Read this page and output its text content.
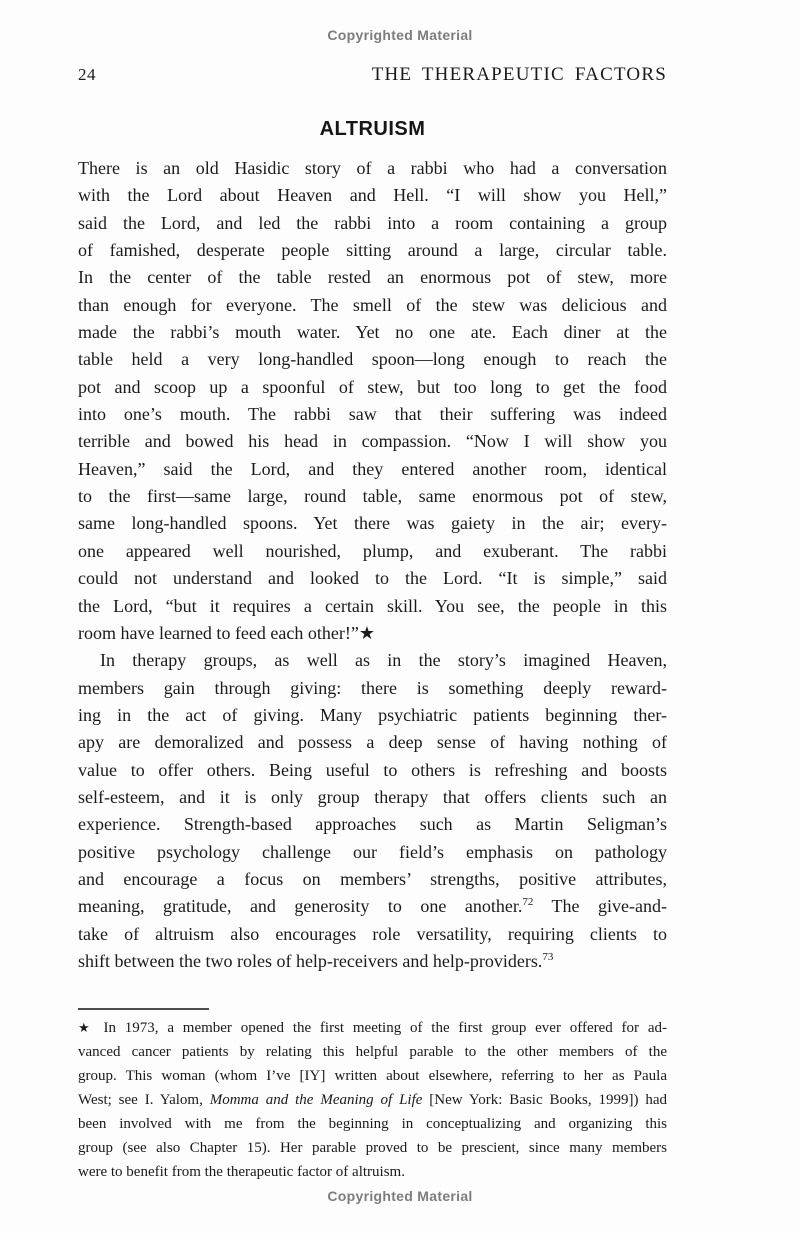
Copyrighted Material
24	THE THERAPEUTIC FACTORS
ALTRUISM
There is an old Hasidic story of a rabbi who had a conversation
with the Lord about Heaven and Hell. “I will show you Hell,”
said the Lord, and led the rabbi into a room containing a group
of famished, desperate people sitting around a large, circular table.
In the center of the table rested an enormous pot of stew, more
than enough for everyone. The smell of the stew was delicious and
made the rabbi’s mouth water. Yet no one ate. Each diner at the
table held a very long-handled spoon—long enough to reach the
pot and scoop up a spoonful of stew, but too long to get the food
into one’s mouth. The rabbi saw that their suffering was indeed
terrible and bowed his head in compassion. “Now I will show you
Heaven,” said the Lord, and they entered another room, identical
to the first—same large, round table, same enormous pot of stew,
same long-handled spoons. Yet there was gaiety in the air; every-
one appeared well nourished, plump, and exuberant. The rabbi
could not understand and looked to the Lord. “It is simple,” said
the Lord, “but it requires a certain skill. You see, the people in this
room have learned to feed each other!”★
In therapy groups, as well as in the story’s imagined Heaven,
members gain through giving: there is something deeply reward-
ing in the act of giving. Many psychiatric patients beginning ther-
apy are demoralized and possess a deep sense of having nothing of
value to offer others. Being useful to others is refreshing and boosts
self-esteem, and it is only group therapy that offers clients such an
experience. Strength-based approaches such as Martin Seligman’s
positive psychology challenge our field’s emphasis on pathology
and encourage a focus on members’ strengths, positive attributes,
meaning, gratitude, and generosity to one another.$^{72}$ The give-and-
take of altruism also encourages role versatility, requiring clients to
shift between the two roles of help-receivers and help-providers.$^{73}$
★ In 1973, a member opened the first meeting of the first group ever offered for ad-
vanced cancer patients by relating this helpful parable to the other members of the
group. This woman (whom I’ve [IY] written about elsewhere, referring to her as Paula
West; see I. Yalom, Momma and the Meaning of Life [New York: Basic Books, 1999]) had
been involved with me from the beginning in conceptualizing and organizing this
group (see also Chapter 15). Her parable proved to be prescient, since many members
were to benefit from the therapeutic factor of altruism.
Copyrighted Material
